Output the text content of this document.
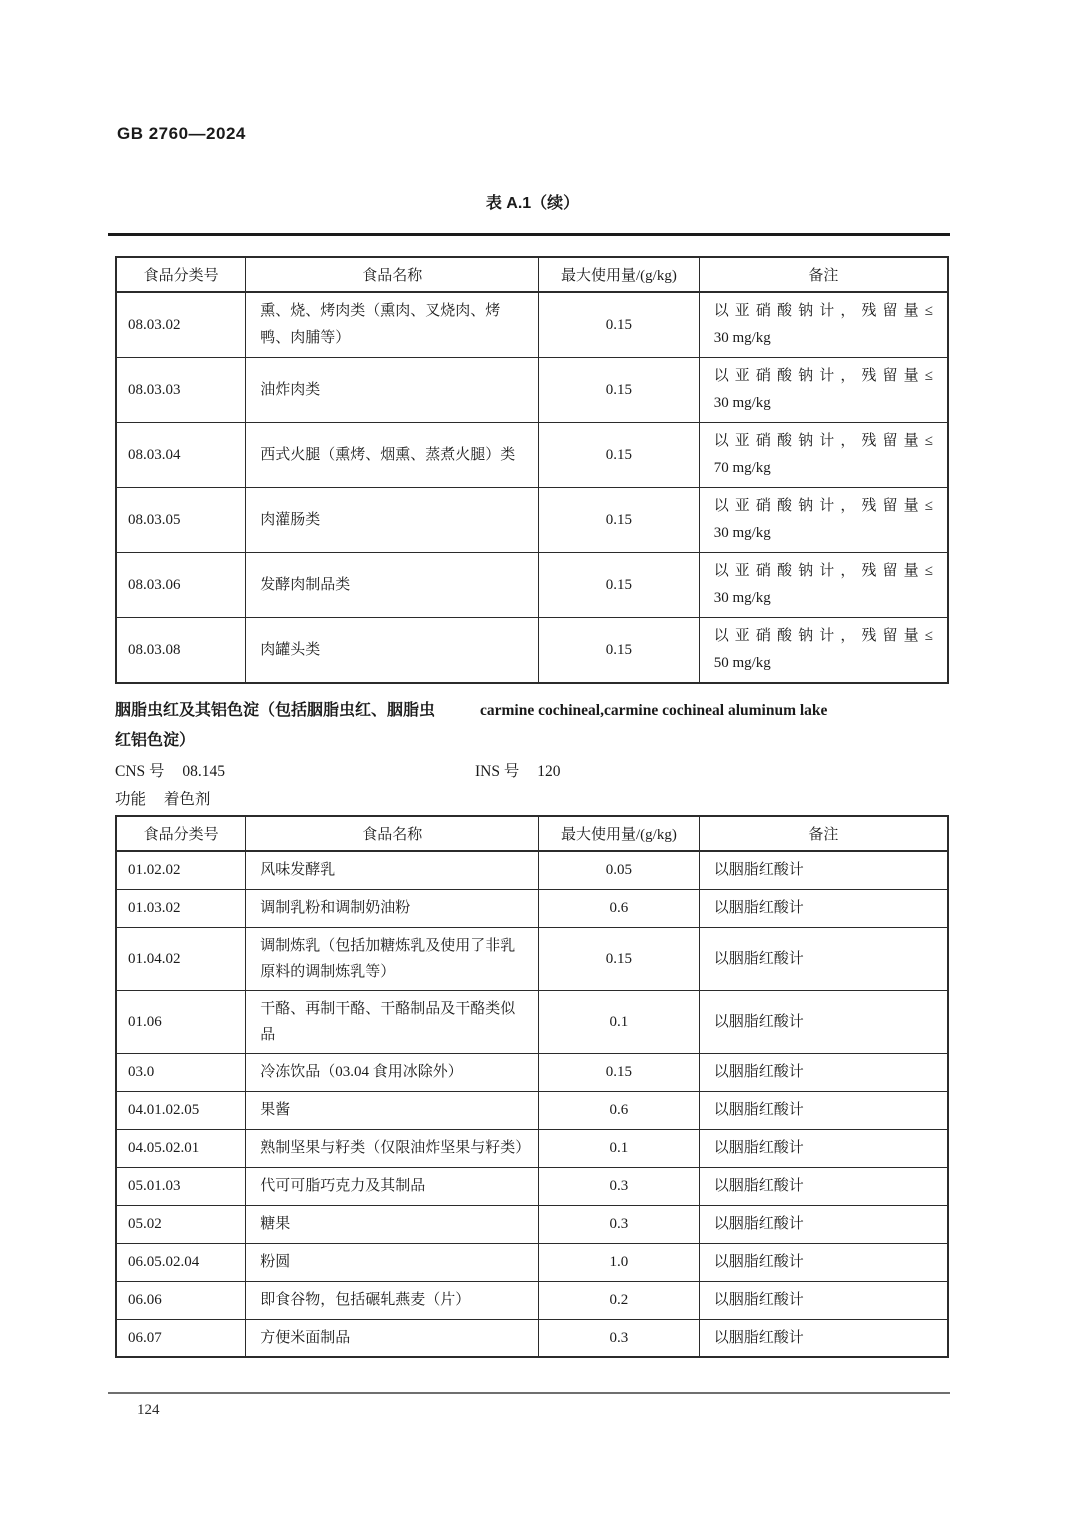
GB 2760—2024
表 A.1（续）
食品分类号	食品名称	最大使用量/(g/kg)	备注
08.03.02	熏、烧、烤肉类（熏肉、叉烧肉、烤鸭、肉脯等）	0.15	以亚硝酸钠计，残留量≤
30 mg/kg

08.03.03	油炸肉类	0.15	以亚硝酸钠计，残留量≤
30 mg/kg

08.03.04	西式火腿（熏烤、烟熏、蒸煮火腿）类	0.15	以亚硝酸钠计，残留量≤
70 mg/kg

08.03.05	肉灌肠类	0.15	以亚硝酸钠计，残留量≤
30 mg/kg

08.03.06	发酵肉制品类	0.15	以亚硝酸钠计，残留量≤
30 mg/kg

08.03.08	肉罐头类	0.15	以亚硝酸钠计，残留量≤
50 mg/kg
胭脂虫红及其铝色淀（包括胭脂虫红、胭脂虫红铝色淀）
carmine cochineal,carmine cochineal aluminum lake
CNS 号 08.145	INS 号 120
功能 着色剂
食品分类号	食品名称	最大使用量/(g/kg)	备注
01.02.02	风味发酵乳	0.05	以胭脂红酸计
01.03.02	调制乳粉和调制奶油粉	0.6	以胭脂红酸计
01.04.02	调制炼乳（包括加糖炼乳及使用了非乳原料的调制炼乳等）	0.15	以胭脂红酸计
01.06	干酪、再制干酪、干酪制品及干酪类似品	0.1	以胭脂红酸计
03.0	冷冻饮品（03.04 食用冰除外）	0.15	以胭脂红酸计
04.01.02.05	果酱	0.6	以胭脂红酸计
04.05.02.01	熟制坚果与籽类（仅限油炸坚果与籽类）	0.1	以胭脂红酸计
05.01.03	代可可脂巧克力及其制品	0.3	以胭脂红酸计
05.02	糖果	0.3	以胭脂红酸计
06.05.02.04	粉圆	1.0	以胭脂红酸计
06.06	即食谷物，包括碾轧燕麦（片）	0.2	以胭脂红酸计
06.07	方便米面制品	0.3	以胭脂红酸计
124
